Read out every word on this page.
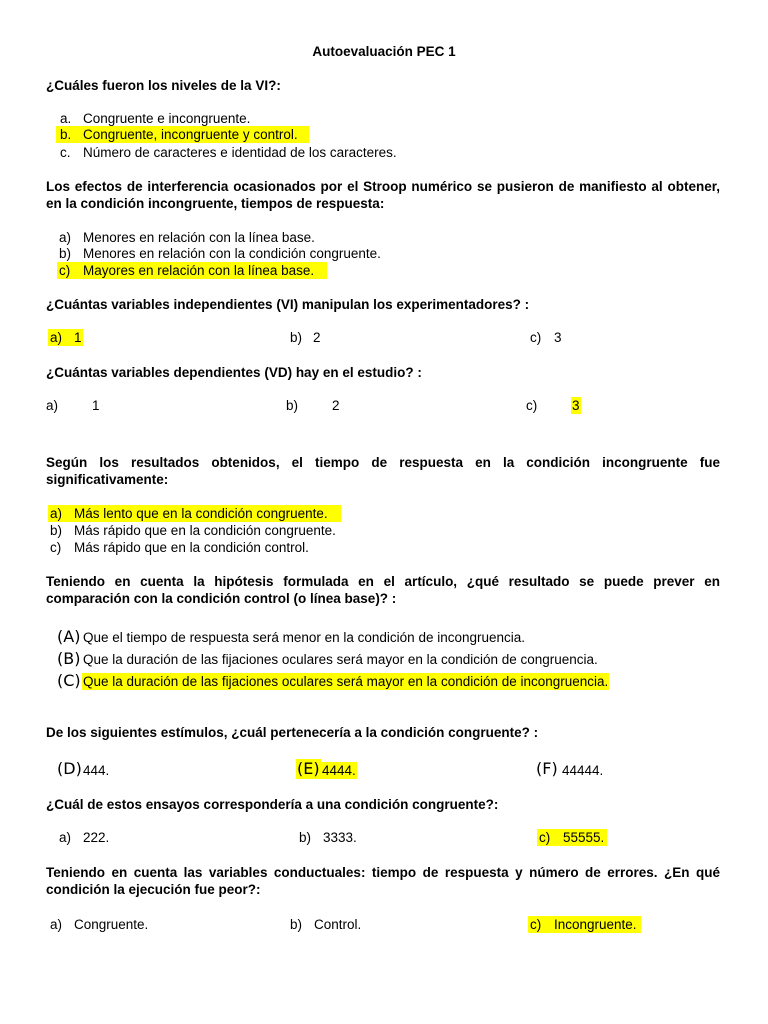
Autoevaluación PEC 1
¿Cuáles fueron los niveles de la VI?:
a. Congruente e incongruente.
b. Congruente, incongruente y control.
c. Número de caracteres e identidad de los caracteres.
Los efectos de interferencia ocasionados por el Stroop numérico se pusieron de manifiesto al obtener, en la condición incongruente, tiempos de respuesta:
a) Menores en relación con la línea base.
b) Menores en relación con la condición congruente.
c) Mayores en relación con la línea base.
¿Cuántas variables independientes (VI) manipulan los experimentadores? :
a) 1	b) 2	c) 3
¿Cuántas variables dependientes (VD) hay en el estudio? :
a)	1	b)	2	c)	3
Según los resultados obtenidos, el tiempo de respuesta en la condición incongruente fue significativamente:
a) Más lento que en la condición congruente.
b) Más rápido que en la condición congruente.
c) Más rápido que en la condición control.
Teniendo en cuenta la hipótesis formulada en el artículo, ¿qué resultado se puede prever en comparación con la condición control (o línea base)? :
(A) Que el tiempo de respuesta será menor en la condición de incongruencia.
(B) Que la duración de las fijaciones oculares será mayor en la condición de congruencia.
(C) Que la duración de las fijaciones oculares será mayor en la condición de incongruencia.
De los siguientes estímulos, ¿cuál pertenecería a la condición congruente? :
(D) 444.	(E) 4444.	(F) 44444.
¿Cuál de estos ensayos correspondería a una condición congruente?:
a) 222.	b) 3333.	c) 55555.
Teniendo en cuenta las variables conductuales: tiempo de respuesta y número de errores. ¿En qué condición la ejecución fue peor?:
a) Congruente.	b) Control.	c) Incongruente.
